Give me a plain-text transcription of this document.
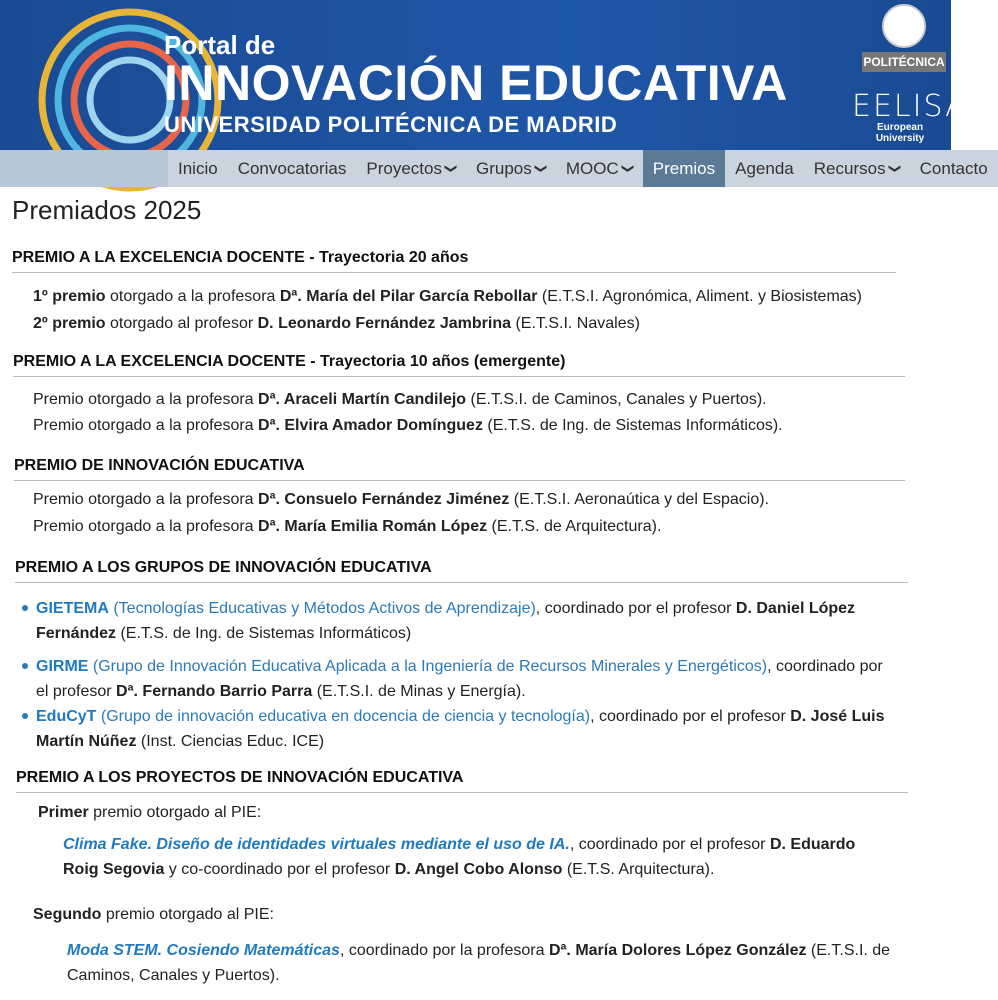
Portal de
INNOVACIÓN EDUCATIVA
UNIVERSIDAD POLITÉCNICA DE MADRID
POLITÉCNICA
EELISA
European University
Inicio Convocatorias Proyectos ❯	Grupos ❯	MOOC ❯	Premios Agenda Recursos ❯	Contacto
Premiados 2025
PREMIO A LA EXCELENCIA DOCENTE - Trayectoria 20 años
1º premio otorgado a la profesora Dª. María del Pilar García Rebollar (E.T.S.I. Agronómica, Aliment. y Biosistemas)
2º premio otorgado al profesor D. Leonardo Fernández Jambrina (E.T.S.I. Navales)
PREMIO A LA EXCELENCIA DOCENTE - Trayectoria 10 años (emergente)
Premio otorgado a la profesora Dª. Araceli Martín Candilejo (E.T.S.I. de Caminos, Canales y Puertos).
Premio otorgado a la profesora Dª. Elvira Amador Domínguez (E.T.S. de Ing. de Sistemas Informáticos).
PREMIO DE INNOVACIÓN EDUCATIVA
Premio otorgado a la profesora Dª. Consuelo Fernández Jiménez (E.T.S.I. Aeronaútica y del Espacio).
Premio otorgado a la profesora Dª. María Emilia Román López (E.T.S. de Arquitectura).
PREMIO A LOS GRUPOS DE INNOVACIÓN EDUCATIVA
GIETEMA (Tecnologías Educativas y Métodos Activos de Aprendizaje), coordinado por el profesor D. Daniel López Fernández (E.T.S. de Ing. de Sistemas Informáticos)
GIRME (Grupo de Innovación Educativa Aplicada a la Ingeniería de Recursos Minerales y Energéticos), coordinado por el profesor Dª. Fernando Barrio Parra (E.T.S.I. de Minas y Energía).
EduCyT (Grupo de innovación educativa en docencia de ciencia y tecnología), coordinado por el profesor D. José Luis Martín Núñez (Inst. Ciencias Educ. ICE)
PREMIO A LOS PROYECTOS DE INNOVACIÓN EDUCATIVA
Primer premio otorgado al PIE:
Clima Fake. Diseño de identidades virtuales mediante el uso de IA., coordinado por el profesor D. Eduardo Roig Segovia y co-coordinado por el profesor D. Angel Cobo Alonso (E.T.S. Arquitectura).
Segundo premio otorgado al PIE:
Moda STEM. Cosiendo Matemáticas, coordinado por la profesora Dª. María Dolores López González (E.T.S.I. de Caminos, Canales y Puertos).
